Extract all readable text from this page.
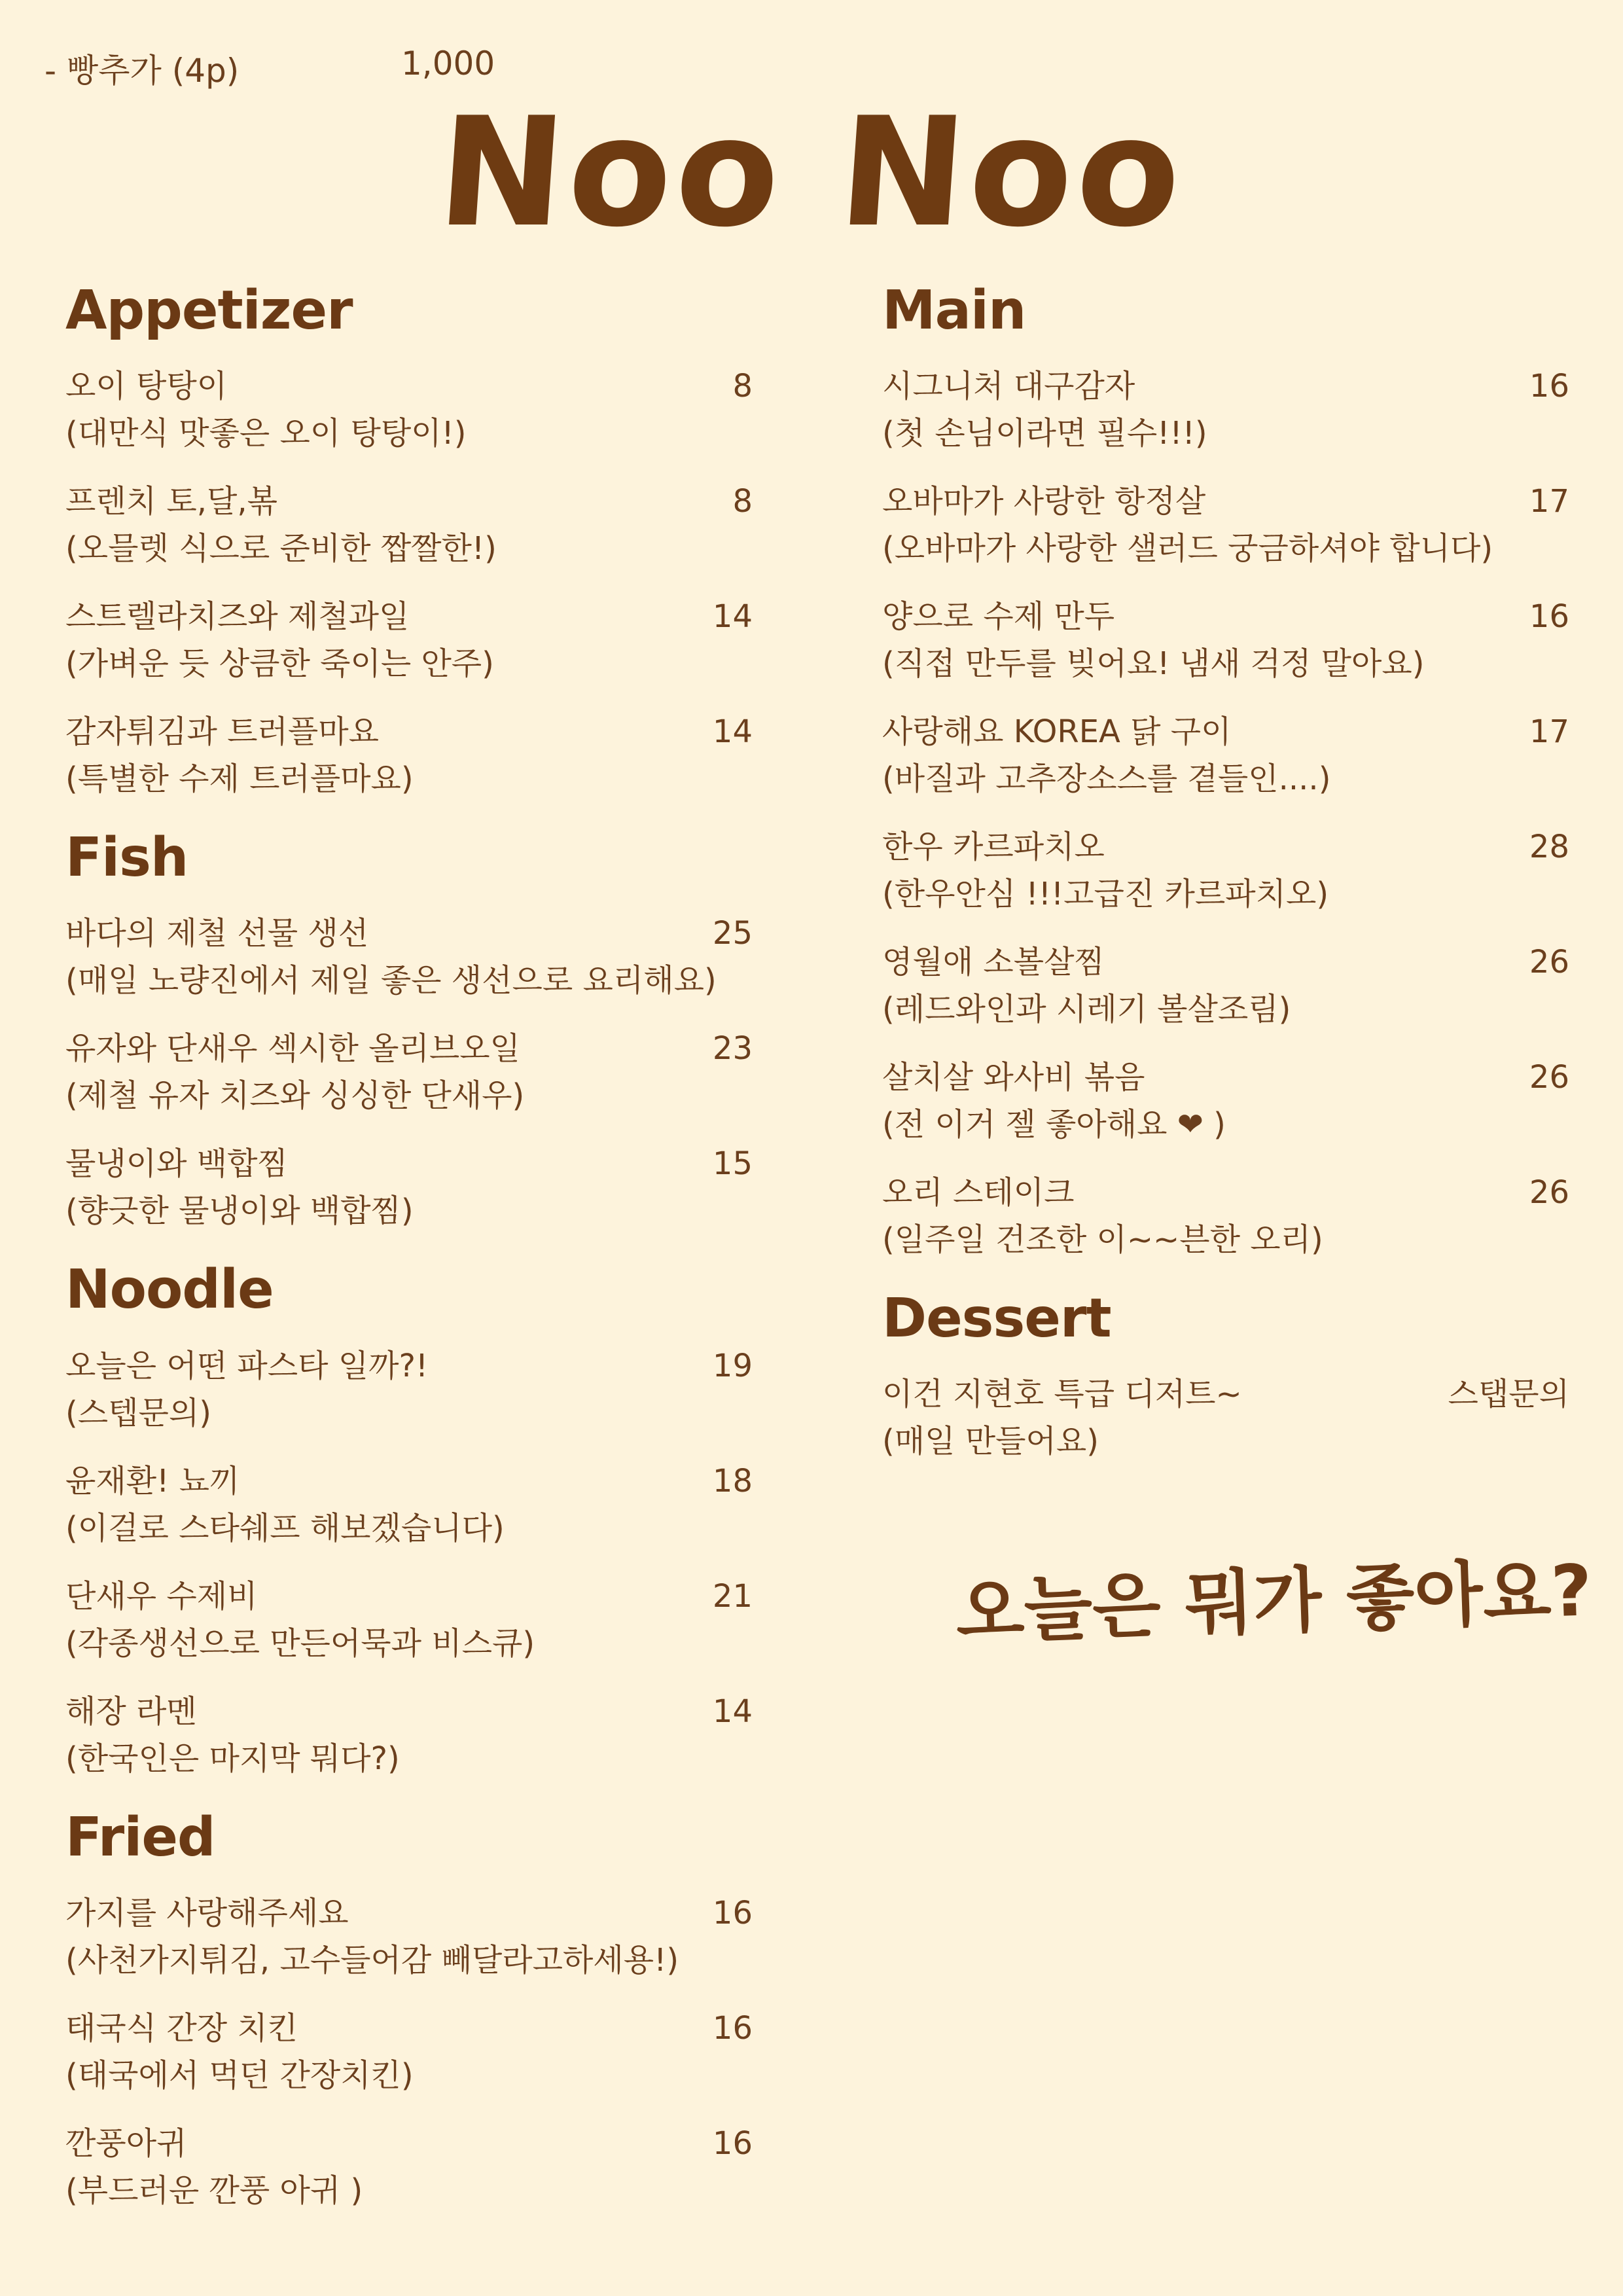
- 빵추가 (4p)	1,000
Noo Noo
Appetizer
오이 탕탕이
(대만식 맛좋은 오이 탕탕이!)
8
프렌치 토,달,볶
(오믈렛 식으로 준비한 짭짤한!)
8
스트렐라치즈와 제철과일
(가벼운 듯 상큼한 죽이는 안주)
14
감자튀김과 트러플마요
(특별한 수제 트러플마요)
14
Fish
바다의 제철 선물 생선
(매일 노량진에서 제일 좋은 생선으로 요리해요)
25
유자와 단새우 섹시한 올리브오일
(제철 유자 치즈와 싱싱한 단새우)
23
물냉이와 백합찜
(향긋한 물냉이와 백합찜)
15
Noodle
오늘은 어떤 파스타 일까?!
(스텝문의)
19
윤재환! 뇨끼
(이걸로 스타쉐프 해보겠습니다)
18
단새우 수제비
(각종생선으로 만든어묵과 비스큐)
21
해장 라멘
(한국인은 마지막 뭐다?)
14
Fried
가지를 사랑해주세요
(사천가지튀김, 고수들어감 빼달라고하세용!)
16
태국식 간장 치킨
(태국에서 먹던 간장치킨)
16
깐풍아귀
(부드러운 깐풍 아귀 )
16
Main
시그니처 대구감자
(첫 손님이라면 필수!!!)
16
오바마가 사랑한 항정살
(오바마가 사랑한 샐러드 궁금하셔야 합니다)
17
양으로 수제 만두
(직접 만두를 빚어요! 냄새 걱정 말아요)
16
사랑해요 KOREA 닭 구이
(바질과 고추장소스를 곁들인....)
17
한우 카르파치오
(한우안심 !!!고급진 카르파치오)
28
영월애 소볼살찜
(레드와인과 시레기 볼살조림)
26
살치살 와사비 볶음
(전 이거 젤 좋아해요 ❤ )
26
오리 스테이크
(일주일 건조한 이~~븐한 오리)
26
Dessert
이건 지현호 특급 디저트~
(매일 만들어요)
스탭문의
오늘은 뭐가 좋아요?
